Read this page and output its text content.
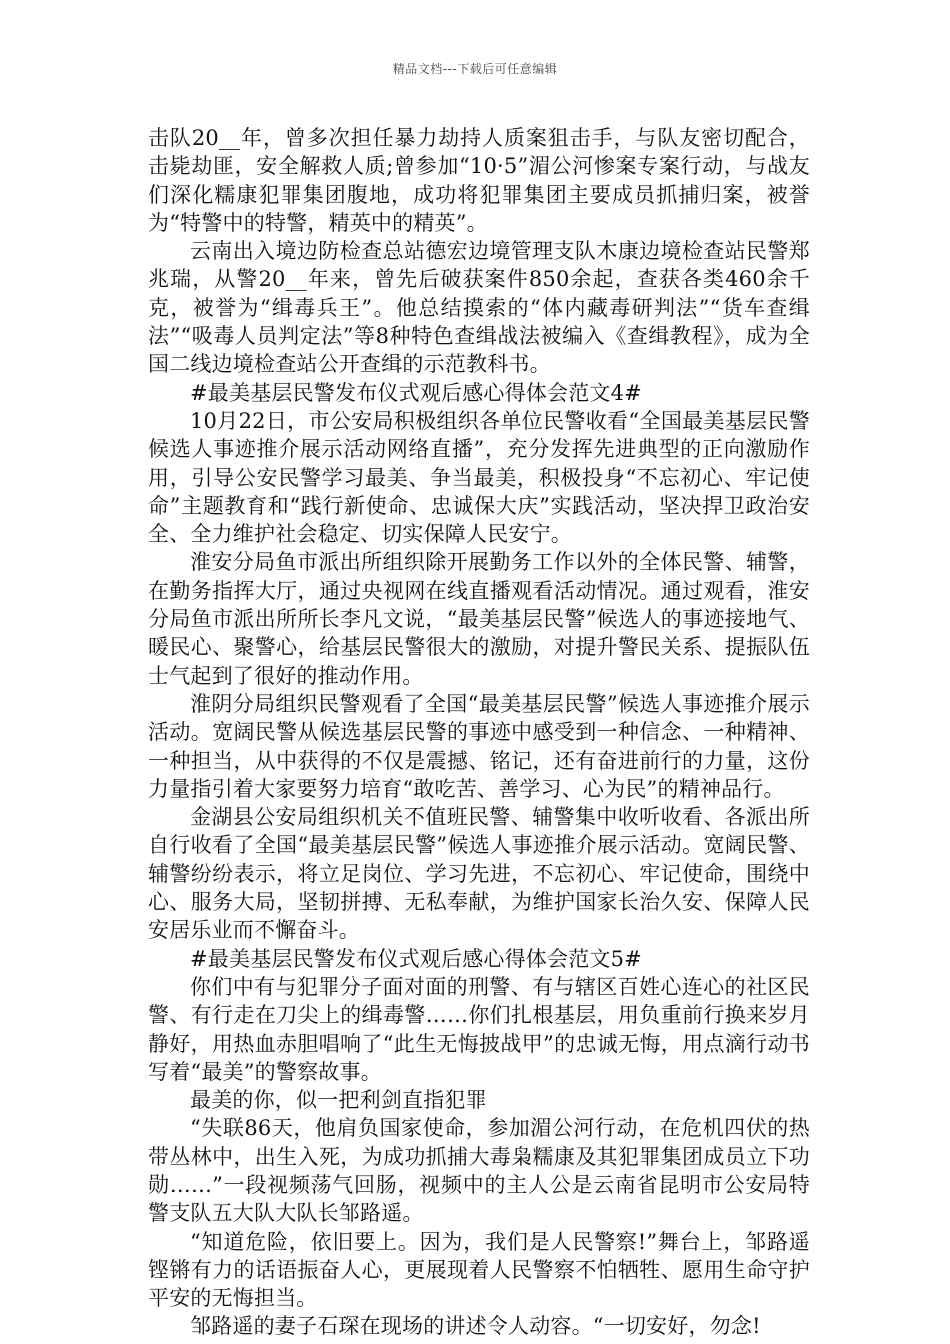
精品文档---下载后可任意编辑

击队20__年，曾多次担任暴力劫持人质案狙击手，与队友密切配合，击毙劫匪，安全解救人质;曾参加“10·5”湄公河惨案专案行动，与战友们深化糯康犯罪集团腹地，成功将犯罪集团主要成员抓捕归案，被誉为“特警中的特警，精英中的精英”。

云南出入境边防检查总站德宏边境管理支队木康边境检查站民警郑兆瑞，从警20__年来，曾先后破获案件850余起，查获各类460余千克，被誉为“缉毒兵王”。他总结摸索的“体内藏毒研判法”“货车查缉法”“吸毒人员判定法”等8种特色查缉战法被编入《查缉教程》，成为全国二线边境检查站公开查缉的示范教科书。

#最美基层民警发布仪式观后感心得体会范文4#

10月22日，市公安局积极组织各单位民警收看“全国最美基层民警候选人事迹推介展示活动网络直播”，充分发挥先进典型的正向激励作用，引导公安民警学习最美、争当最美，积极投身“不忘初心、牢记使命”主题教育和“践行新使命、忠诚保大庆”实践活动，坚决捍卫政治安全、全力维护社会稳定、切实保障人民安宁。

淮安分局鱼市派出所组织除开展勤务工作以外的全体民警、辅警，在勤务指挥大厅，通过央视网在线直播观看活动情况。通过观看，淮安分局鱼市派出所所长李凡文说，“最美基层民警”候选人的事迹接地气、暖民心、聚警心，给基层民警很大的激励，对提升警民关系、提振队伍士气起到了很好的推动作用。

淮阴分局组织民警观看了全国“最美基层民警”候选人事迹推介展示活动。宽阔民警从候选基层民警的事迹中感受到一种信念、一种精神、一种担当，从中获得的不仅是震撼、铭记，还有奋进前行的力量，这份力量指引着大家要努力培育“敢吃苦、善学习、心为民”的精神品行。

金湖县公安局组织机关不值班民警、辅警集中收听收看、各派出所自行收看了全国“最美基层民警”候选人事迹推介展示活动。宽阔民警、辅警纷纷表示，将立足岗位、学习先进，不忘初心、牢记使命，围绕中心、服务大局，坚韧拼搏、无私奉献，为维护国家长治久安、保障人民安居乐业而不懈奋斗。

#最美基层民警发布仪式观后感心得体会范文5#

你们中有与犯罪分子面对面的刑警、有与辖区百姓心连心的社区民警、有行走在刀尖上的缉毒警……你们扎根基层，用负重前行换来岁月静好，用热血赤胆唱响了“此生无悔披战甲”的忠诚无悔，用点滴行动书写着“最美”的警察故事。

最美的你，似一把利剑直指犯罪

“失联86天，他肩负国家使命，参加湄公河行动，在危机四伏的热带丛林中，出生入死，为成功抓捕大毒枭糯康及其犯罪集团成员立下功勋……”一段视频荡气回肠，视频中的主人公是云南省昆明市公安局特警支队五大队大队长邹路遥。

“知道危险，依旧要上。因为，我们是人民警察!”舞台上，邹路遥铿锵有力的话语振奋人心，更展现着人民警察不怕牺牲、愿用生命守护平安的无悔担当。

邹路遥的妻子石琛在现场的讲述令人动容。“一切安好，勿念!
